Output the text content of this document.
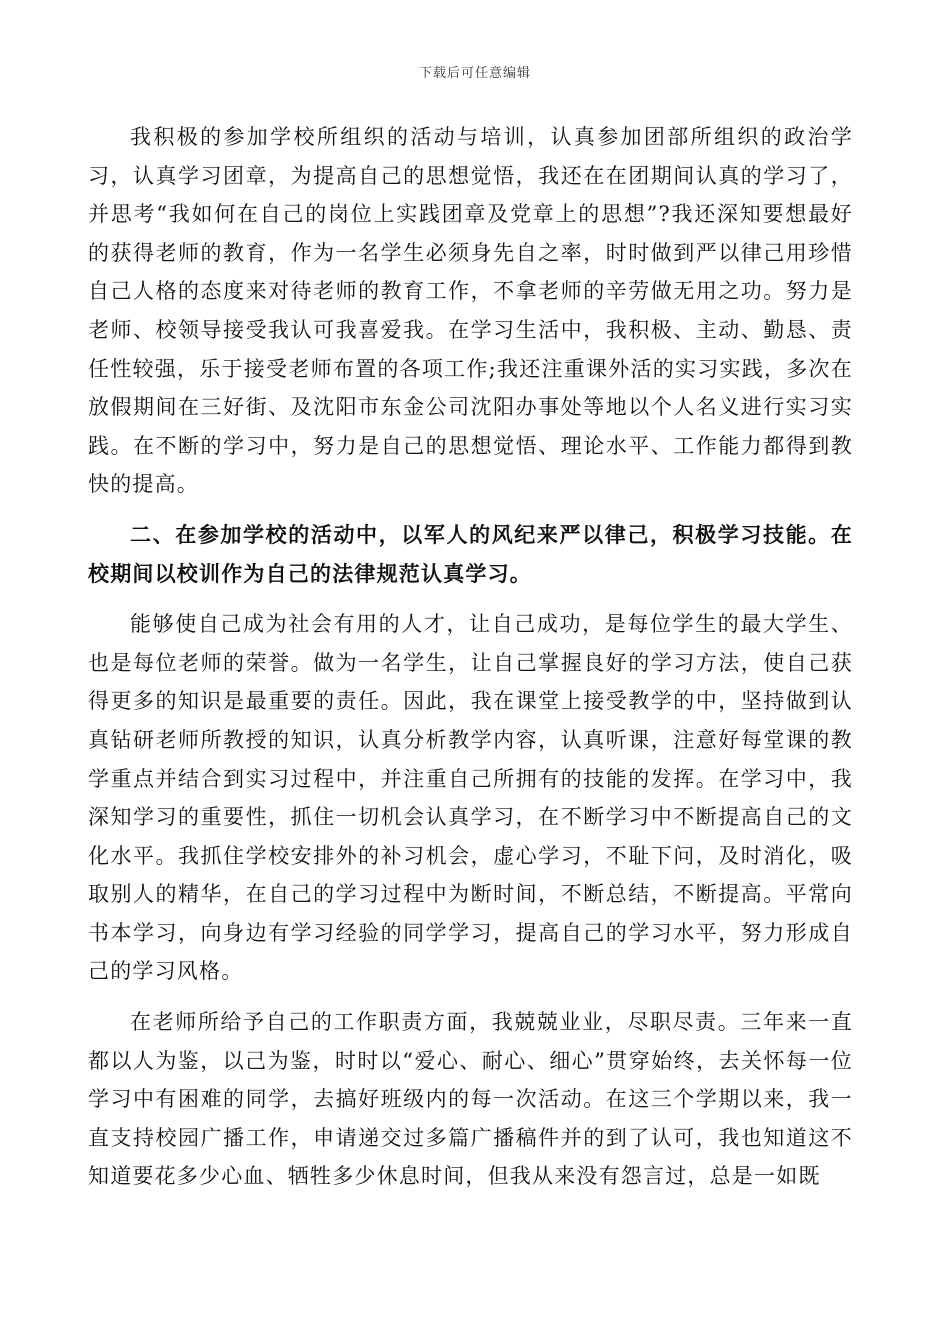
下载后可任意编辑

我积极的参加学校所组织的活动与培训，认真参加团部所组织的政治学习，认真学习团章，为提高自己的思想觉悟，我还在在团期间认真的学习了，并思考“我如何在自己的岗位上实践团章及党章上的思想”?我还深知要想最好的获得老师的教育，作为一名学生必须身先自之率，时时做到严以律己用珍惜自己人格的态度来对待老师的教育工作，不拿老师的辛劳做无用之功。努力是老师、校领导接受我认可我喜爱我。在学习生活中，我积极、主动、勤恳、责任性较强，乐于接受老师布置的各项工作;我还注重课外活的实习实践，多次在放假期间在三好街、及沈阳市东金公司沈阳办事处等地以个人名义进行实习实践。在不断的学习中，努力是自己的思想觉悟、理论水平、工作能力都得到教快的提高。

二、在参加学校的活动中，以军人的风纪来严以律己，积极学习技能。在校期间以校训作为自己的法律规范认真学习。

能够使自己成为社会有用的人才，让自己成功，是每位学生的最大学生、也是每位老师的荣誉。做为一名学生，让自己掌握良好的学习方法，使自己获得更多的知识是最重要的责任。因此，我在课堂上接受教学的中，坚持做到认真钻研老师所教授的知识，认真分析教学内容，认真听课，注意好每堂课的教学重点并结合到实习过程中，并注重自己所拥有的技能的发挥。在学习中，我深知学习的重要性，抓住一切机会认真学习，在不断学习中不断提高自己的文化水平。我抓住学校安排外的补习机会，虚心学习，不耻下问，及时消化，吸取别人的精华，在自己的学习过程中为断时间，不断总结，不断提高。平常向书本学习，向身边有学习经验的同学学习，提高自己的学习水平，努力形成自己的学习风格。

在老师所给予自己的工作职责方面，我兢兢业业，尽职尽责。三年来一直都以人为鉴，以己为鉴，时时以“爱心、耐心、细心”贯穿始终，去关怀每一位学习中有困难的同学，去搞好班级内的每一次活动。在这三个学期以来，我一直支持校园广播工作，申请递交过多篇广播稿件并的到了认可，我也知道这不知道要花多少心血、牺牲多少休息时间，但我从来没有怨言过，总是一如既
